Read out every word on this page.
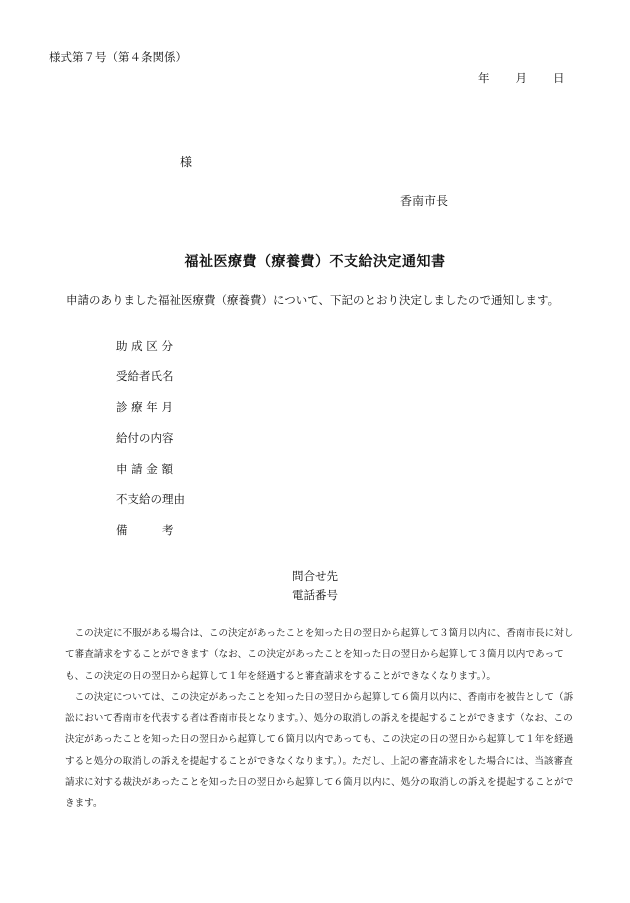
様式第７号（第４条関係）
年 月 日
様
香南市長
福祉医療費（療養費）不支給決定通知書
申請のありました福祉医療費（療養費）について、下記のとおり決定しましたので通知します。
助 成 区 分
受給者氏名
診 療 年 月
給付の内容
申 請 金 額
不支給の理由
備　　　考
問合せ先
電話番号

この決定に不服がある場合は、この決定があったことを知った日の翌日から起算して３箇月以内に、香南市長に対して審査請求をすることができます（なお、この決定があったことを知った日の翌日から起算して３箇月以内であっても、この決定の日の翌日から起算して１年を経過すると審査請求をすることができなくなります。）。

この決定については、この決定があったことを知った日の翌日から起算して６箇月以内に、香南市を被告として（訴訟において香南市を代表する者は香南市長となります。）、処分の取消しの訴えを提起することができます（なお、この決定があったことを知った日の翌日から起算して６箇月以内であっても、この決定の日の翌日から起算して１年を経過すると処分の取消しの訴えを提起することができなくなります。）。ただし、上記の審査請求をした場合には、当該審査請求に対する裁決があったことを知った日の翌日から起算して６箇月以内に、処分の取消しの訴えを提起することができます。
